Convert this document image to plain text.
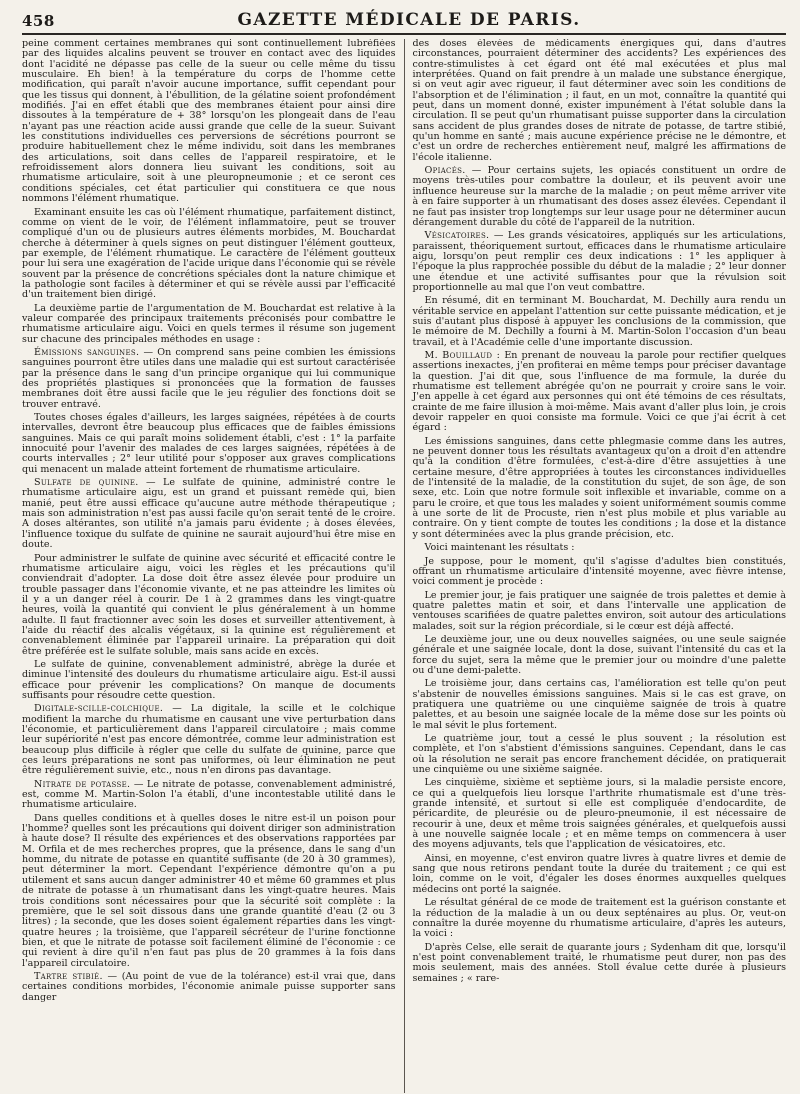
458	GAZETTE MÉDICALE DE PARIS.

peine comment certaines membranes qui sont continuellement lubréfiées par des liquides alcalins peuvent se trouver en contact avec des liquides dont l'acidité ne dépasse pas celle de la sueur ou celle même du tissu musculaire. Eh bien! à la température du corps de l'homme cette modification, qui paraît n'avoir aucune importance, suffit cependant pour que les tissus qui donnent, à l'ébullition, de la gélatine soient profondément modifiés. J'ai en effet établi que des membranes étaient pour ainsi dire dissoutes à la température de + 38° lorsqu'on les plongeait dans de l'eau n'ayant pas une réaction acide aussi grande que celle de la sueur. Suivant les constitutions individuelles ces perversions de sécrétions pourront se produire habituellement chez le même individu, soit dans les membranes des articulations, soit dans celles de l'appareil respiratoire, et le refroidissement alors donnera lieu suivant les conditions, soit au rhumatisme articulaire, soit à une pleuropneumonie ; et ce seront ces conditions spéciales, cet état particulier qui constituera ce que nous nommons l'élément rhumatique.

Examinant ensuite les cas où l'élément rhumatique, parfaitement distinct, comme on vient de le voir, de l'élément inflammatoire, peut se trouver compliqué d'un ou de plusieurs autres éléments morbides, M. Bouchardat cherche à déterminer à quels signes on peut distinguer l'élément goutteux, par exemple, de l'élément rhumatique. Le caractère de l'élément goutteux pour lui sera une exagération de l'acide urique dans l'économie qui se révèle souvent par la présence de concrétions spéciales dont la nature chimique et la pathologie sont faciles à déterminer et qui se révèle aussi par l'efficacité d'un traitement bien dirigé.

La deuxième partie de l'argumentation de M. Bouchardat est relative à la valeur comparée des principaux traitements préconisés pour combattre le rhumatisme articulaire aigu. Voici en quels termes il résume son jugement sur chacune des principales méthodes en usage :

Émissions sanguines. — On comprend sans peine combien les émissions sanguines pourront être utiles dans une maladie qui est surtout caractérisée par la présence dans le sang d'un principe organique qui lui communique des propriétés plastiques si prononcées que la formation de fausses membranes doit être aussi facile que le jeu régulier des fonctions doit se trouver entravé.

Toutes choses égales d'ailleurs, les larges saignées, répétées à de courts intervalles, devront être beaucoup plus efficaces que de faibles émissions sanguines. Mais ce qui paraît moins solidement établi, c'est : 1° la parfaite innocuité pour l'avenir des malades de ces larges saignées, répétées à de courts intervalles ; 2° leur utilité pour s'opposer aux graves complications qui menacent un malade atteint fortement de rhumatisme articulaire.

Sulfate de quinine. — Le sulfate de quinine, administré contre le rhumatisme articulaire aigu, est un grand et puissant remède qui, bien manié, peut être aussi efficace qu'aucune autre méthode thérapeutique ; mais son administration n'est pas aussi facile qu'on serait tenté de le croire. A doses altérantes, son utilité n'a jamais paru évidente ; à doses élevées, l'influence toxique du sulfate de quinine ne saurait aujourd'hui être mise en doute.

Pour administrer le sulfate de quinine avec sécurité et efficacité contre le rhumatisme articulaire aigu, voici les règles et les précautions qu'il conviendrait d'adopter. La dose doit être assez élevée pour produire un trouble passager dans l'économie vivante, et ne pas atteindre les limites où il y a un danger réel à courir. De 1 à 2 grammes dans les vingt-quatre heures, voilà la quantité qui convient le plus généralement à un homme adulte. Il faut fractionner avec soin les doses et surveiller attentivement, à l'aide du réactif des alcalis végétaux, si la quinine est régulièrement et convenablement éliminée par l'appareil urinaire. La préparation qui doit être préférée est le sulfate soluble, mais sans acide en excès.

Le sulfate de quinine, convenablement administré, abrège la durée et diminue l'intensité des douleurs du rhumatisme articulaire aigu. Est-il aussi efficace pour prévenir les complications? On manque de documents suffisants pour résoudre cette question.

Digitale-scille-colchique. — La digitale, la scille et le colchique modifient la marche du rhumatisme en causant une vive perturbation dans l'économie, et particulièrement dans l'appareil circulatoire ; mais comme leur supériorité n'est pas encore démontrée, comme leur administration est beaucoup plus difficile à régler que celle du sulfate de quinine, parce que ces leurs préparations ne sont pas uniformes, où leur élimination ne peut être régulièrement suivie, etc., nous n'en dirons pas davantage.

Nitrate de potasse. — Le nitrate de potasse, convenablement administré, est, comme M. Martin-Solon l'a établi, d'une incontestable utilité dans le rhumatisme articulaire.

Dans quelles conditions et à quelles doses le nitre est-il un poison pour l'homme? quelles sont les précautions qui doivent diriger son administration à haute dose? Il résulte des expériences et des observations rapportées par M. Orfila et de mes recherches propres, que la présence, dans le sang d'un homme, du nitrate de potasse en quantité suffisante (de 20 à 30 grammes), peut déterminer la mort. Cependant l'expérience démontre qu'on a pu utilement et sans aucun danger administrer 40 et même 60 grammes et plus de nitrate de potasse à un rhumatisant dans les vingt-quatre heures. Mais trois conditions sont nécessaires pour que la sécurité soit complète : la première, que le sel soit dissous dans une grande quantité d'eau (2 ou 3 litres) ; la seconde, que les doses soient également réparties dans les vingt-quatre heures ; la troisième, que l'appareil sécréteur de l'urine fonctionne bien, et que le nitrate de potasse soit facilement éliminé de l'économie : ce qui revient à dire qu'il n'en faut pas plus de 20 grammes à la fois dans l'appareil circulatoire.

Tartre stibié. — (Au point de vue de la tolérance) est-il vrai que, dans certaines conditions morbides, l'économie animale puisse supporter sans danger

des doses élevées de médicaments énergiques qui, dans d'autres circonstances, pourraient déterminer des accidents? Les expériences des contre-stimulistes à cet égard ont été mal exécutées et plus mal interprétées. Quand on fait prendre à un malade une substance énergique, si on veut agir avec rigueur, il faut déterminer avec soin les conditions de l'absorption et de l'élimination ; il faut, en un mot, connaître la quantité qui peut, dans un moment donné, exister impunément à l'état soluble dans la circulation. Il se peut qu'un rhumatisant puisse supporter dans la circulation sans accident de plus grandes doses de nitrate de potasse, de tartre stibié, qu'un homme en santé ; mais aucune expérience précise ne le démontre, et c'est un ordre de recherches entièrement neuf, malgré les affirmations de l'école italienne.

Opiacés. — Pour certains sujets, les opiacés constituent un ordre de moyens très-utiles pour combattre la douleur, et ils peuvent avoir une influence heureuse sur la marche de la maladie ; on peut même arriver vite à en faire supporter à un rhumatisant des doses assez élevées. Cependant il ne faut pas insister trop longtemps sur leur usage pour ne déterminer aucun dérangement durable du côté de l'appareil de la nutrition.

Vésicatoires. — Les grands vésicatoires, appliqués sur les articulations, paraissent, théoriquement surtout, efficaces dans le rhumatisme articulaire aigu, lorsqu'on peut remplir ces deux indications : 1° les appliquer à l'époque la plus rapprochée possible du début de la maladie ; 2° leur donner une étendue et une activité suffisantes pour que la révulsion soit proportionnelle au mal que l'on veut combattre.

En résumé, dit en terminant M. Bouchardat, M. Dechilly aura rendu un véritable service en appelant l'attention sur cette puissante médication, et je suis d'autant plus disposé à appuyer les conclusions de la commission, que le mémoire de M. Dechilly a fourni à M. Martin-Solon l'occasion d'un beau travail, et à l'Académie celle d'une importante discussion.

M. Bouillaud : En prenant de nouveau la parole pour rectifier quelques assertions inexactes, j'en profiterai en même temps pour préciser davantage la question. J'ai dit que, sous l'influence de ma formule, la durée du rhumatisme est tellement abrégée qu'on ne pourrait y croire sans le voir. J'en appelle à cet égard aux personnes qui ont été témoins de ces résultats, crainte de me faire illusion à moi-même. Mais avant d'aller plus loin, je crois devoir rappeler en quoi consiste ma formule. Voici ce que j'ai écrit à cet égard :

Les émissions sanguines, dans cette phlegmasie comme dans les autres, ne peuvent donner tous les résultats avantageux qu'on a droit d'en attendre qu'à la condition d'être formulées, c'est-à-dire d'être assujetties à une certaine mesure, d'être appropriées à toutes les circonstances individuelles de l'intensité de la maladie, de la constitution du sujet, de son âge, de son sexe, etc. Loin que notre formule soit inflexible et invariable, comme on a paru le croire, et que tous les malades y soient uniformément soumis comme à une sorte de lit de Procuste, rien n'est plus mobile et plus variable au contraire. On y tient compte de toutes les conditions ; la dose et la distance y sont déterminées avec la plus grande précision, etc.

Voici maintenant les résultats :

Je suppose, pour le moment, qu'il s'agisse d'adultes bien constitués, offrant un rhumatisme articulaire d'intensité moyenne, avec fièvre intense, voici comment je procède :

Le premier jour, je fais pratiquer une saignée de trois palettes et demie à quatre palettes matin et soir, et dans l'intervalle une application de ventouses scarifiées de quatre palettes environ, soit autour des articulations malades, soit sur la région précordiale, si le cœur est déjà affecté.

Le deuxième jour, une ou deux nouvelles saignées, ou une seule saignée générale et une saignée locale, dont la dose, suivant l'intensité du cas et la force du sujet, sera la même que le premier jour ou moindre d'une palette ou d'une demi-palette.

Le troisième jour, dans certains cas, l'amélioration est telle qu'on peut s'abstenir de nouvelles émissions sanguines. Mais si le cas est grave, on pratiquera une quatrième ou une cinquième saignée de trois à quatre palettes, et au besoin une saignée locale de la même dose sur les points où le mal sévit le plus fortement.

Le quatrième jour, tout a cessé le plus souvent ; la résolution est complète, et l'on s'abstient d'émissions sanguines. Cependant, dans le cas où la résolution ne serait pas encore franchement décidée, on pratiquerait une cinquième ou une sixième saignée.

Les cinquième, sixième et septième jours, si la maladie persiste encore, ce qui a quelquefois lieu lorsque l'arthrite rhumatismale est d'une très-grande intensité, et surtout si elle est compliquée d'endocardite, de péricardite, de pleurésie ou de pleuro-pneumonie, il est nécessaire de recourir à une, deux et même trois saignées générales, et quelquefois aussi à une nouvelle saignée locale ; et en même temps on commencera à user des moyens adjuvants, tels que l'application de vésicatoires, etc.

Ainsi, en moyenne, c'est environ quatre livres à quatre livres et demie de sang que nous retirons pendant toute la durée du traitement ; ce qui est loin, comme on le voit, d'égaler les doses énormes auxquelles quelques médecins ont porté la saignée.

Le résultat général de ce mode de traitement est la guérison constante et la réduction de la maladie à un ou deux septénaires au plus. Or, veut-on connaître la durée moyenne du rhumatisme articulaire, d'après les auteurs, la voici :

D'après Celse, elle serait de quarante jours ; Sydenham dit que, lorsqu'il n'est point convenablement traité, le rhumatisme peut durer, non pas des mois seulement, mais des années. Stoll évalue cette durée à plusieurs semaines ; « rare-
